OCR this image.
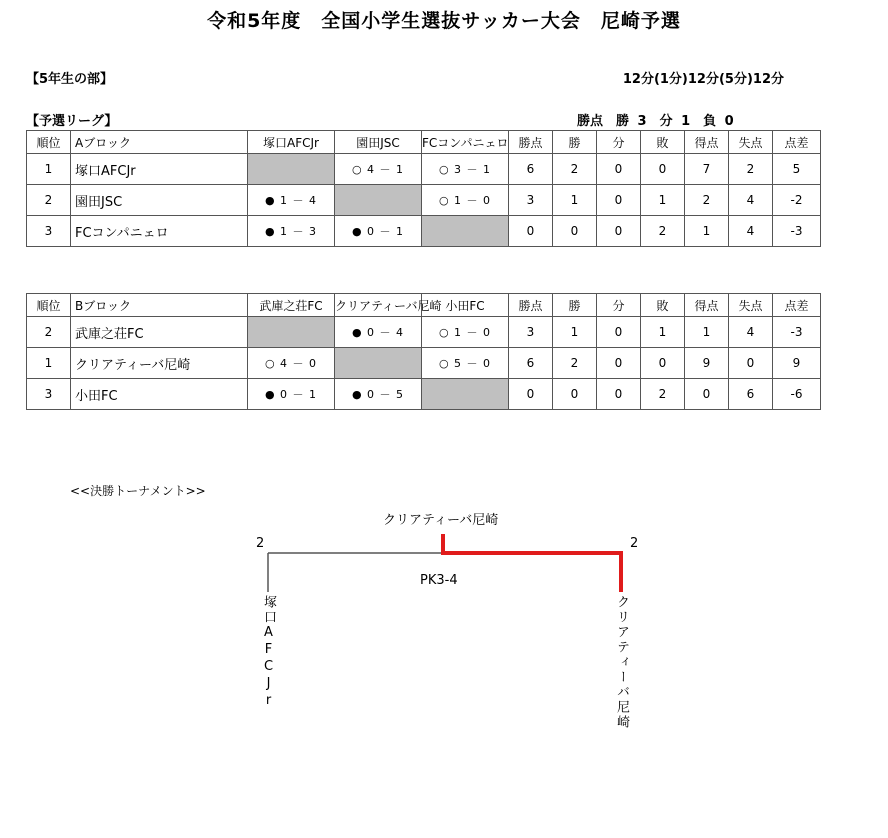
令和5年度　全国小学生選抜サッカー大会　尼崎予選
【5年生の部】	12分(1分)12分(5分)12分
【予選リーグ】	勝点　勝 3　分 1　負 0
順位	Aブロック	塚口AFCJr	園田JSC	FCコンパニェロ	勝点	勝	分	敗	得点	失点	点差
1	塚口AFCJr		○ 4 － 1	○ 3 － 1	6	2	0	0	7	2	5
2	園田JSC	● 1 － 4		○ 1 － 0	3	1	0	1	2	4	-2
3	FCコンパニェロ	● 1 － 3	● 0 － 1		0	0	0	2	1	4	-3
順位	Bブロック	武庫之荘FC	クリアティーバ尼崎	小田FC	勝点	勝	分	敗	得点	失点	点差
2	武庫之荘FC		● 0 － 4	○ 1 － 0	3	1	0	1	1	4	-3
1	クリアティーバ尼崎	○ 4 － 0		○ 5 － 0	6	2	0	0	9	0	9
3	小田FC	● 0 － 1	● 0 － 5		0	0	0	2	0	6	-6
<<決勝トーナメント>>
クリアティーバ尼崎
2	2
PK3-4
塚口AFCJr	クリアティーバ尼崎
